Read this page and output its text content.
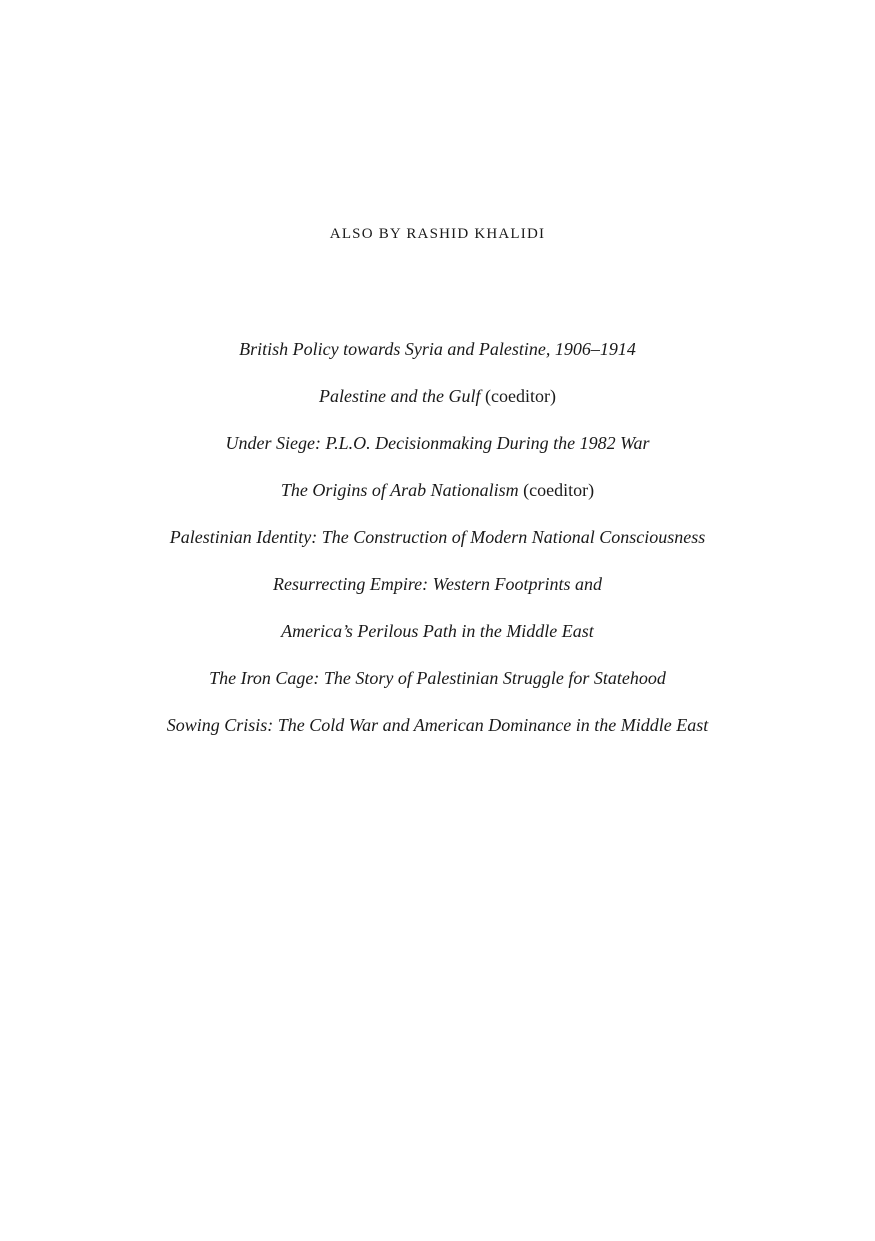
ALSO BY RASHID KHALIDI
British Policy towards Syria and Palestine, 1906–1914
Palestine and the Gulf (coeditor)
Under Siege: P.L.O. Decisionmaking During the 1982 War
The Origins of Arab Nationalism (coeditor)
Palestinian Identity: The Construction of Modern National Consciousness
Resurrecting Empire: Western Footprints and
America’s Perilous Path in the Middle East
The Iron Cage: The Story of Palestinian Struggle for Statehood
Sowing Crisis: The Cold War and American Dominance in the Middle East
